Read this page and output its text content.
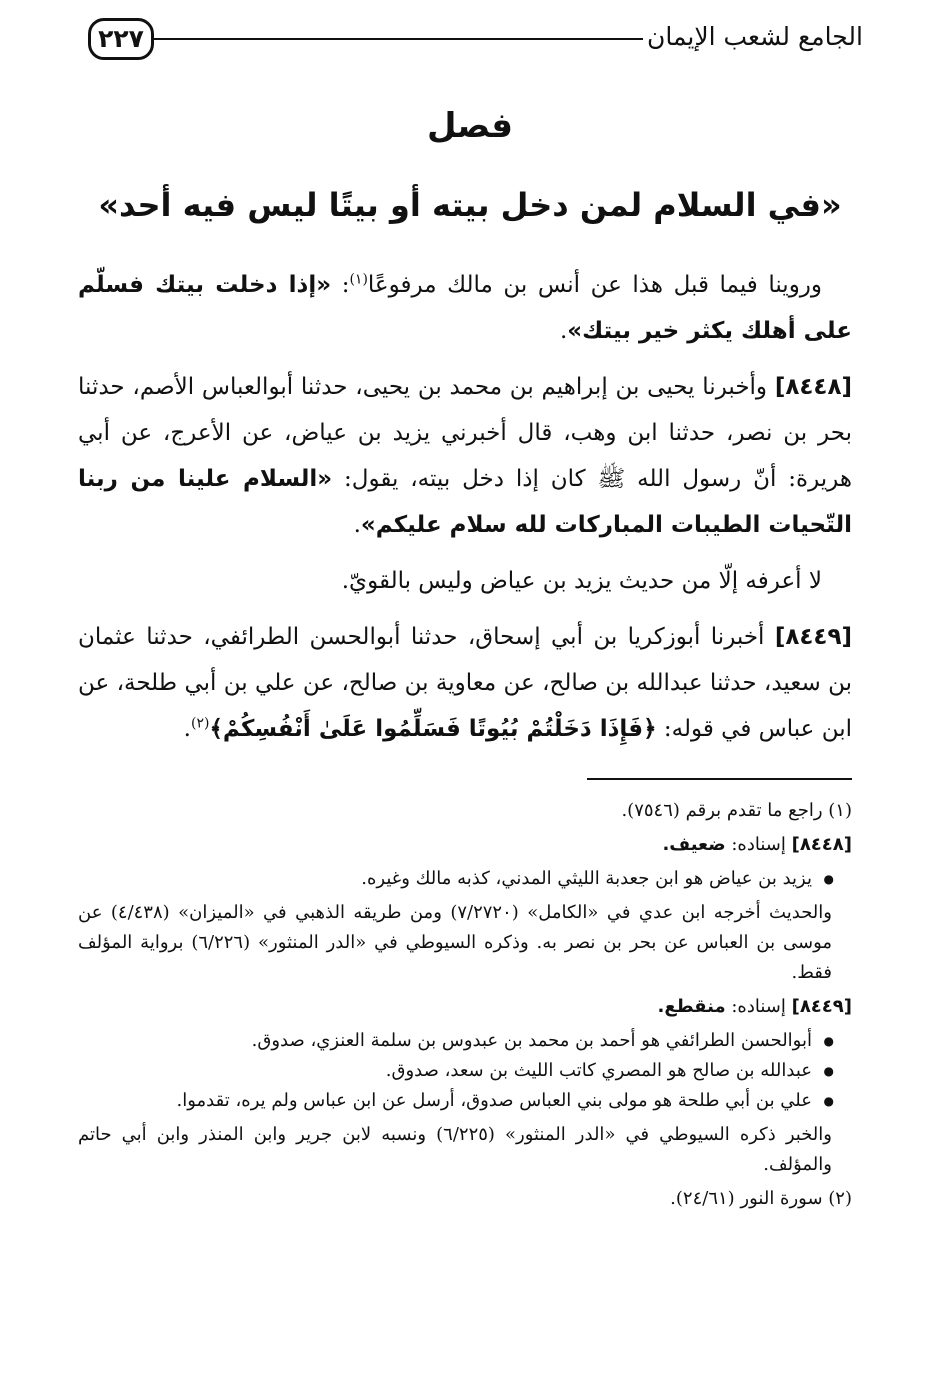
٢٢٧	الجامع لشعب الإيمان
فصل
«في السلام لمن دخل بيته أو بيتًا ليس فيه أحد»

وروينا فيما قبل هذا عن أنس بن مالك مرفوعًا$^{(١)}$: «إذا دخلت بيتك فسلّم على أهلك يكثر خير بيتك».

[٨٤٤٨] وأخبرنا يحيى بن إبراهيم بن محمد بن يحيى، حدثنا أبوالعباس الأصم، حدثنا بحر بن نصر، حدثنا ابن وهب، قال أخبرني يزيد بن عياض، عن الأعرج، عن أبي هريرة: أنّ رسول الله ﷺ كان إذا دخل بيته، يقول: «السلام علينا من ربنا التّحيات الطيبات المباركات لله سلام عليكم».

لا أعرفه إلّا من حديث يزيد بن عياض وليس بالقويّ.

[٨٤٤٩] أخبرنا أبوزكريا بن أبي إسحاق، حدثنا أبوالحسن الطرائفي، حدثنا عثمان بن سعيد، حدثنا عبدالله بن صالح، عن معاوية بن صالح، عن علي بن أبي طلحة، عن ابن عباس في قوله: ﴿فَإِذَا دَخَلْتُمْ بُيُوتًا فَسَلِّمُوا عَلَىٰ أَنْفُسِكُمْ﴾$^{(٢)}$.

(١) راجع ما تقدم برقم (٧٥٤٦).

[٨٤٤٨] إسناده: ضعيف.

● يزيد بن عياض هو ابن جعدبة الليثي المدني، كذبه مالك وغيره.

والحديث أخرجه ابن عدي في «الكامل» (٧/٢٧٢٠) ومن طريقه الذهبي في «الميزان» (٤/٤٣٨) عن موسى بن العباس عن بحر بن نصر به. وذكره السيوطي في «الدر المنثور» (٦/٢٢٦) برواية المؤلف فقط.

[٨٤٤٩] إسناده: منقطع.

● أبوالحسن الطرائفي هو أحمد بن محمد بن عبدوس بن سلمة العنزي، صدوق.
● عبدالله بن صالح هو المصري كاتب الليث بن سعد، صدوق.
● علي بن أبي طلحة هو مولى بني العباس صدوق، أرسل عن ابن عباس ولم يره، تقدموا.

والخبر ذكره السيوطي في «الدر المنثور» (٦/٢٢٥) ونسبه لابن جرير وابن المنذر وابن أبي حاتم والمؤلف.

(٢) سورة النور (٢٤/٦١).
